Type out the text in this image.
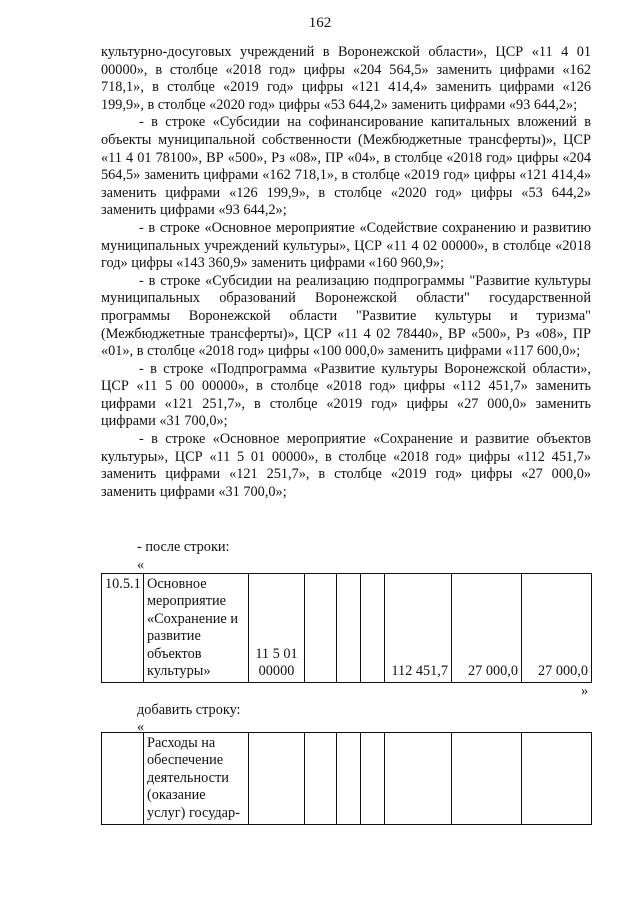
162

культурно-досуговых учреждений в Воронежской области», ЦСР «11 4 01 00000», в столбце «2018 год» цифры «204 564,5» заменить цифрами «162 718,1», в столбце «2019 год» цифры «121 414,4» заменить цифрами «126 199,9», в столбце «2020 год» цифры «53 644,2» заменить цифрами «93 644,2»;

- в строке «Субсидии на софинансирование капитальных вложений в объекты муниципальной собственности (Межбюджетные трансферты)», ЦСР «11 4 01 78100», ВР «500», Рз «08», ПР «04», в столбце «2018 год» цифры «204 564,5» заменить цифрами «162 718,1», в столбце «2019 год» цифры «121 414,4» заменить цифрами «126 199,9», в столбце «2020 год» цифры «53 644,2» заменить цифрами «93 644,2»;

- в строке «Основное мероприятие «Содействие сохранению и развитию муниципальных учреждений культуры», ЦСР «11 4 02 00000», в столбце «2018 год» цифры «143 360,9» заменить цифрами «160 960,9»;

- в строке «Субсидии на реализацию подпрограммы "Развитие культуры муниципальных образований Воронежской области" государственной программы Воронежской области "Развитие культуры и туризма" (Межбюджетные трансферты)», ЦСР «11 4 02 78440», ВР «500», Рз «08», ПР «01», в столбце «2018 год» цифры «100 000,0» заменить цифрами «117 600,0»;

- в строке «Подпрограмма «Развитие культуры Воронежской области», ЦСР «11 5 00 00000», в столбце «2018 год» цифры «112 451,7» заменить цифрами «121 251,7», в столбце «2019 год» цифры «27 000,0» заменить цифрами «31 700,0»;

- в строке «Основное мероприятие «Сохранение и развитие объектов культуры», ЦСР «11 5 01 00000», в столбце «2018 год» цифры «112 451,7» заменить цифрами «121 251,7», в столбце «2019 год» цифры «27 000,0» заменить цифрами «31 700,0»;

- после строки:

«

10.5.1	Основное мероприятие «Сохранение и развитие объектов культуры»	11 5 01 00000				112 451,7	27 000,0	27 000,0
»

добавить строку:

«

	Расходы на обеспечение деятельности (оказание услуг) государ-							
